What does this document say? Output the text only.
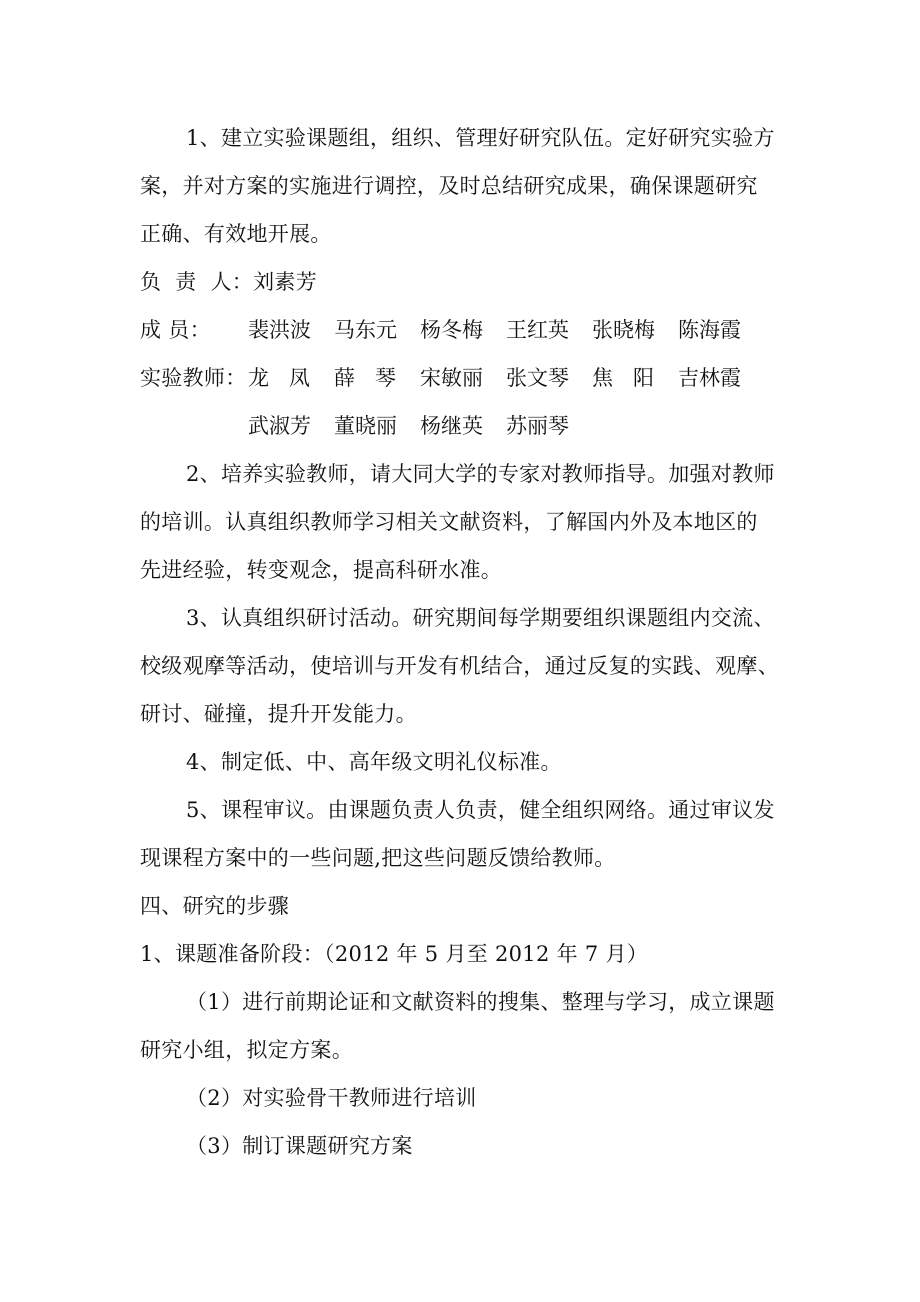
1、建立实验课题组，组织、管理好研究队伍。定好研究实验方
案，并对方案的实施进行调控，及时总结研究成果，确保课题研究
正确、有效地开展。
负  责  人：刘素芳
成 员： 裴洪波	马东元	杨冬梅	王红英	张晓梅	陈海霞
实验教师： 龙   凤	薛   琴	宋敏丽	张文琴	焦   阳	吉林霞
武淑芳	董晓丽	杨继英	苏丽琴
2、培养实验教师，请大同大学的专家对教师指导。加强对教师
的培训。认真组织教师学习相关文献资料，了解国内外及本地区的
先进经验，转变观念，提高科研水准。
3、认真组织研讨活动。研究期间每学期要组织课题组内交流、
校级观摩等活动，使培训与开发有机结合，通过反复的实践、观摩、
研讨、碰撞，提升开发能力。
4、制定低、中、高年级文明礼仪标准。
5、课程审议。由课题负责人负责，健全组织网络。通过审议发
现课程方案中的一些问题,把这些问题反馈给教师。
四、研究的步骤
1、课题准备阶段：（2012 年 5 月至 2012 年 7 月）
（1）进行前期论证和文献资料的搜集、整理与学习，成立课题
研究小组，拟定方案。
（2）对实验骨干教师进行培训
（3）制订课题研究方案
